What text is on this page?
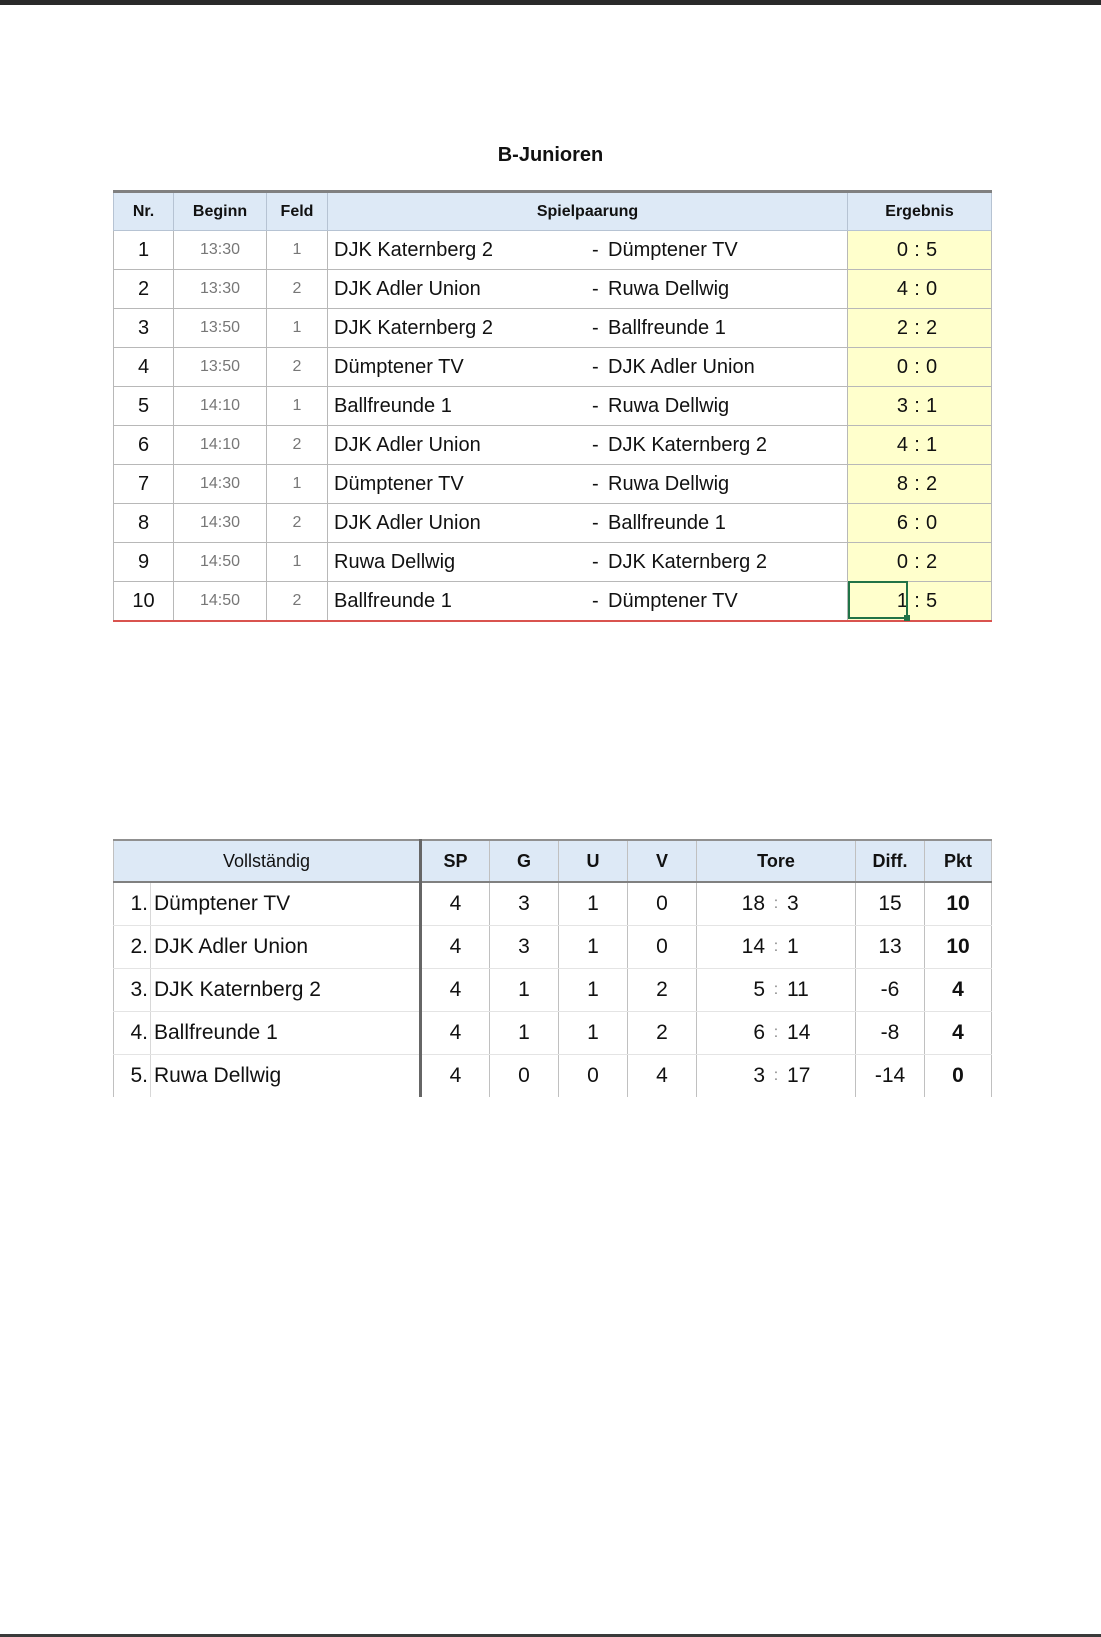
B-Junioren
Nr.	Beginn	Feld	Spielpaarung	Ergebnis
1	13:30	1	DJK Katernberg 2 - Dümptener TV	0 : 5

2	13:30	2	DJK Adler Union - Ruwa Dellwig	4 : 0

3	13:50	1	DJK Katernberg 2 - Ballfreunde 1	2 : 2

4	13:50	2	Dümptener TV - DJK Adler Union	0 : 0

5	14:10	1	Ballfreunde 1 - Ruwa Dellwig	3 : 1

6	14:10	2	DJK Adler Union - DJK Katernberg 2	4 : 1

7	14:30	1	Dümptener TV - Ruwa Dellwig	8 : 2

8	14:30	2	DJK Adler Union - Ballfreunde 1	6 : 0

9	14:50	1	Ruwa Dellwig - DJK Katernberg 2	0 : 2

10	14:50	2	Ballfreunde 1 - Dümptener TV	1 : 5
Vollständig		SP	G	U	V	Tore	Diff.	Pkt
1.	Dümptener TV	4	3	1	0	18 : 3	15	10
2.	DJK Adler Union	4	3	1	0	14 : 1	13	10
3.	DJK Katernberg 2	4	1	1	2	5 : 11	-6	4
4.	Ballfreunde 1	4	1	1	2	6 : 14	-8	4
5.	Ruwa Dellwig	4	0	0	4	3 : 17	-14	0
